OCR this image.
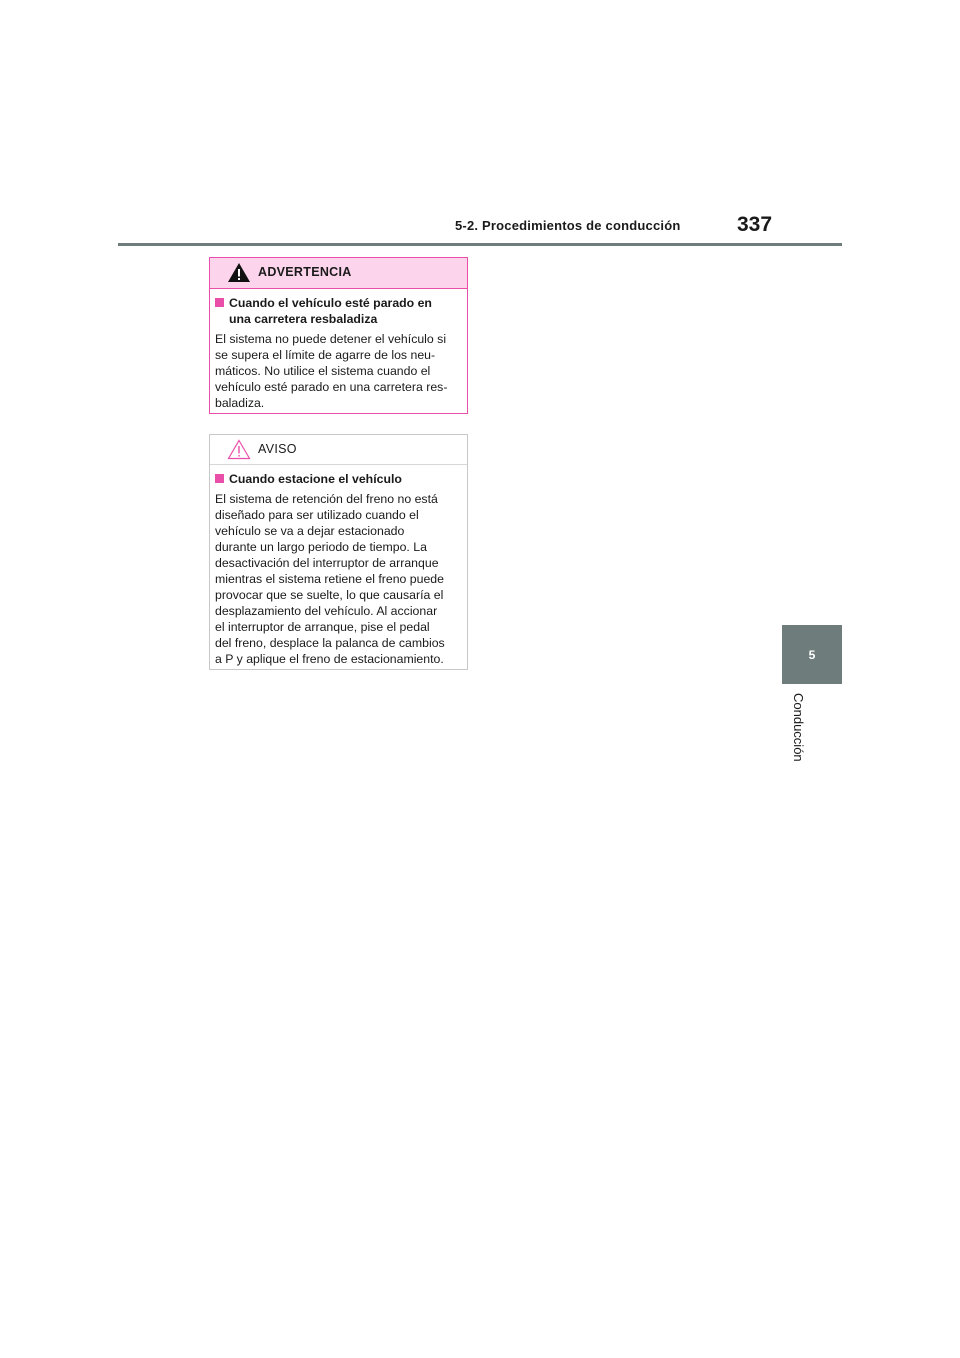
5-2. Procedimientos de conducción	337
5
Conducción
ADVERTENCIA
Cuando el vehículo esté parado en
una carretera resbaladiza
El sistema no puede detener el vehículo si
se supera el límite de agarre de los neu-
máticos. No utilice el sistema cuando el
vehículo esté parado en una carretera res-
baladiza.
AVISO
Cuando estacione el vehículo
El sistema de retención del freno no está
diseñado para ser utilizado cuando el
vehículo se va a dejar estacionado
durante un largo periodo de tiempo. La
desactivación del interruptor de arranque
mientras el sistema retiene el freno puede
provocar que se suelte, lo que causaría el
desplazamiento del vehículo. Al accionar
el interruptor de arranque, pise el pedal
del freno, desplace la palanca de cambios
a P y aplique el freno de estacionamiento.
